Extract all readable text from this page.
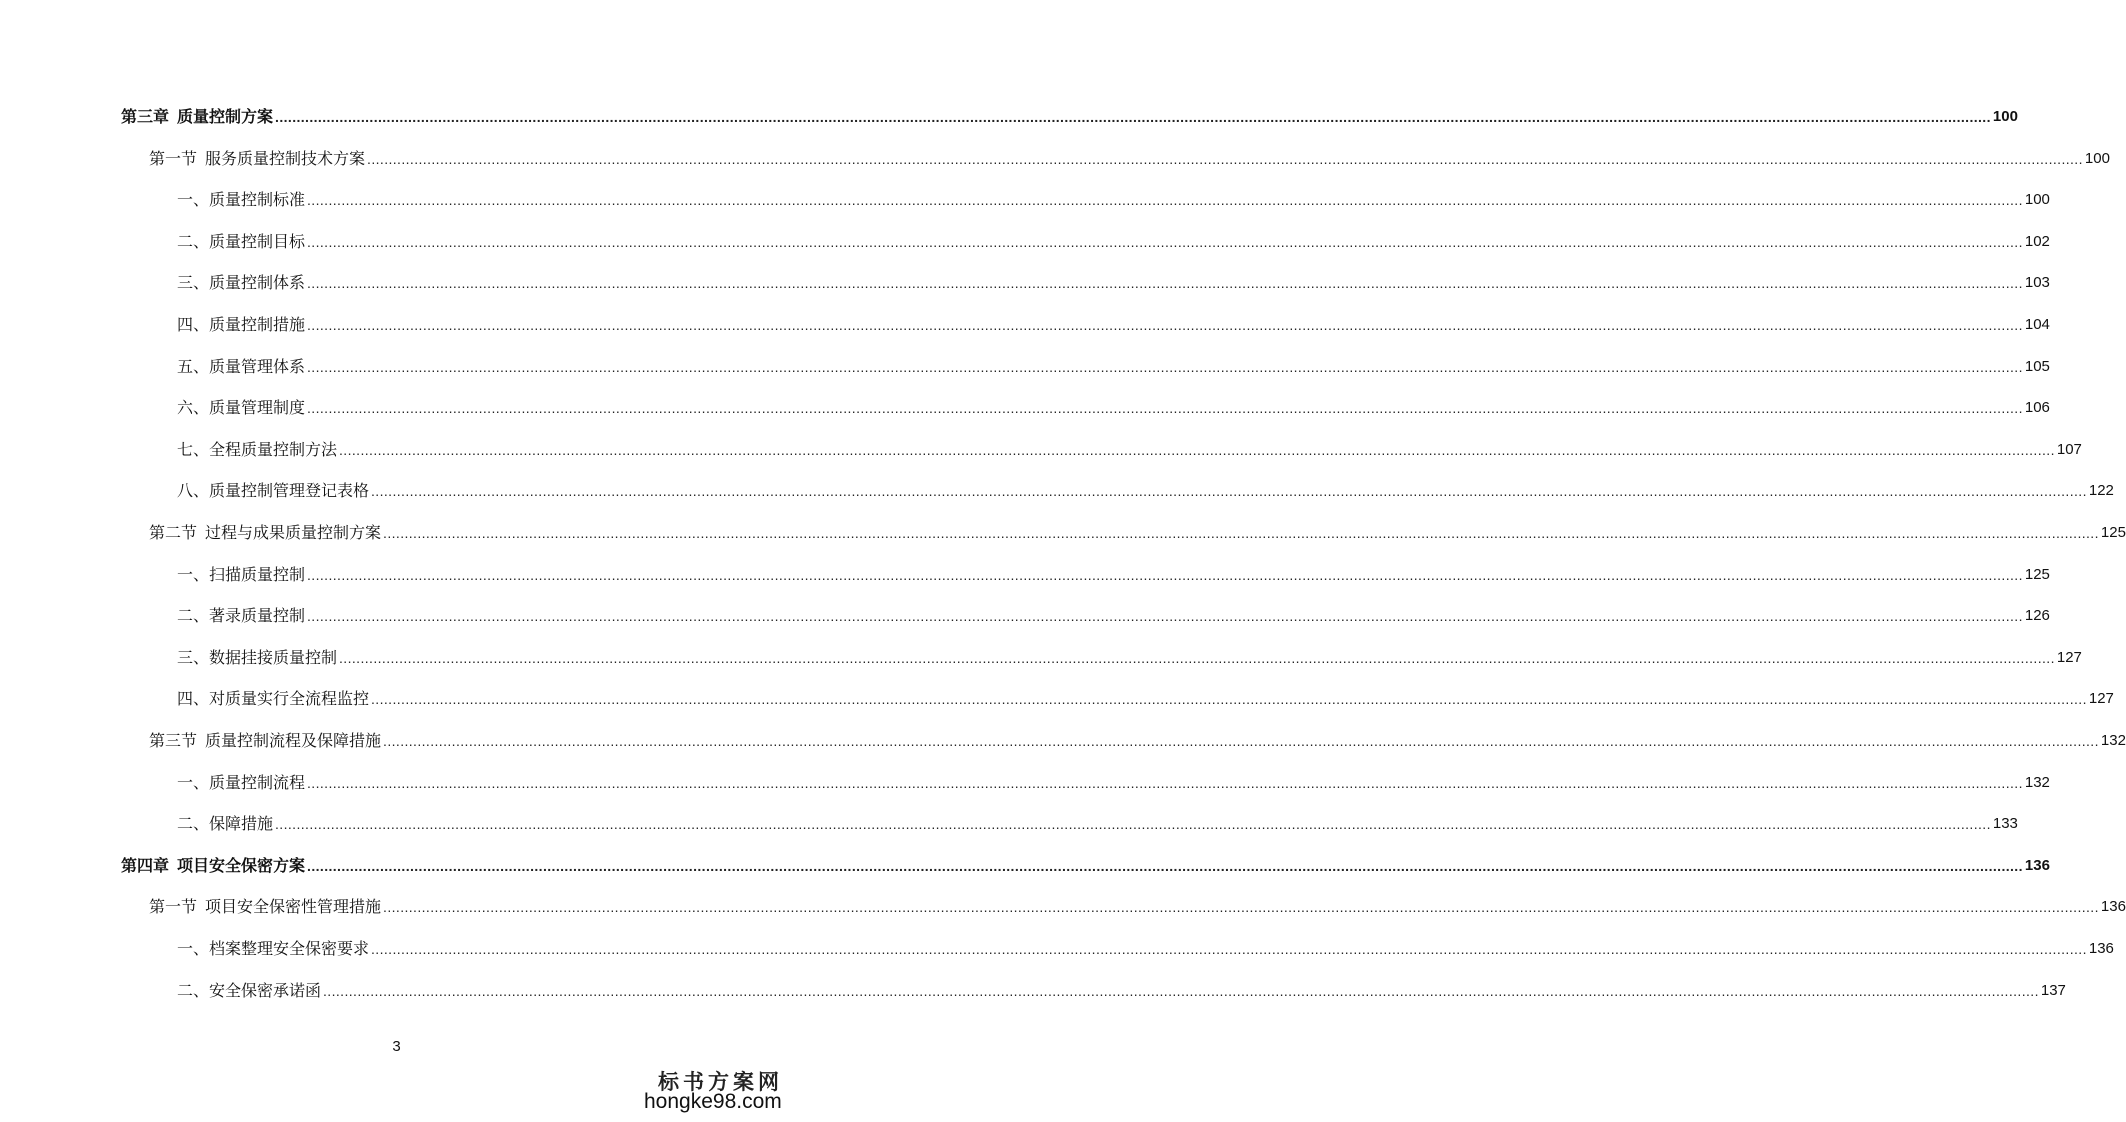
第三章 质量控制方案 ................................................................................................................................................................................................................................................................................................................................................................................................................ 100
第一节 服务质量控制技术方案 ................................................................................................................................................................................................................................................................................................................................................................................................................ 100
一、质量控制标准 ................................................................................................................................................................................................................................................................................................................................................................................................................ 100
二、质量控制目标 ................................................................................................................................................................................................................................................................................................................................................................................................................ 102
三、质量控制体系 ................................................................................................................................................................................................................................................................................................................................................................................................................ 103
四、质量控制措施 ................................................................................................................................................................................................................................................................................................................................................................................................................ 104
五、质量管理体系 ................................................................................................................................................................................................................................................................................................................................................................................................................ 105
六、质量管理制度 ................................................................................................................................................................................................................................................................................................................................................................................................................ 106
七、全程质量控制方法 ................................................................................................................................................................................................................................................................................................................................................................................................................ 107
八、质量控制管理登记表格 ................................................................................................................................................................................................................................................................................................................................................................................................................ 122
第二节 过程与成果质量控制方案 ................................................................................................................................................................................................................................................................................................................................................................................................................ 125
一、扫描质量控制 ................................................................................................................................................................................................................................................................................................................................................................................................................ 125
二、著录质量控制 ................................................................................................................................................................................................................................................................................................................................................................................................................ 126
三、数据挂接质量控制 ................................................................................................................................................................................................................................................................................................................................................................................................................ 127
四、对质量实行全流程监控 ................................................................................................................................................................................................................................................................................................................................................................................................................ 127
第三节 质量控制流程及保障措施 ................................................................................................................................................................................................................................................................................................................................................................................................................ 132
一、质量控制流程 ................................................................................................................................................................................................................................................................................................................................................................................................................ 132
二、保障措施 ................................................................................................................................................................................................................................................................................................................................................................................................................ 133
第四章 项目安全保密方案 ................................................................................................................................................................................................................................................................................................................................................................................................................ 136
第一节 项目安全保密性管理措施 ................................................................................................................................................................................................................................................................................................................................................................................................................ 136
一、档案整理安全保密要求 ................................................................................................................................................................................................................................................................................................................................................................................................................ 136
二、安全保密承诺函 ................................................................................................................................................................................................................................................................................................................................................................................................................ 137
3
标书方案网
hongke98.com
